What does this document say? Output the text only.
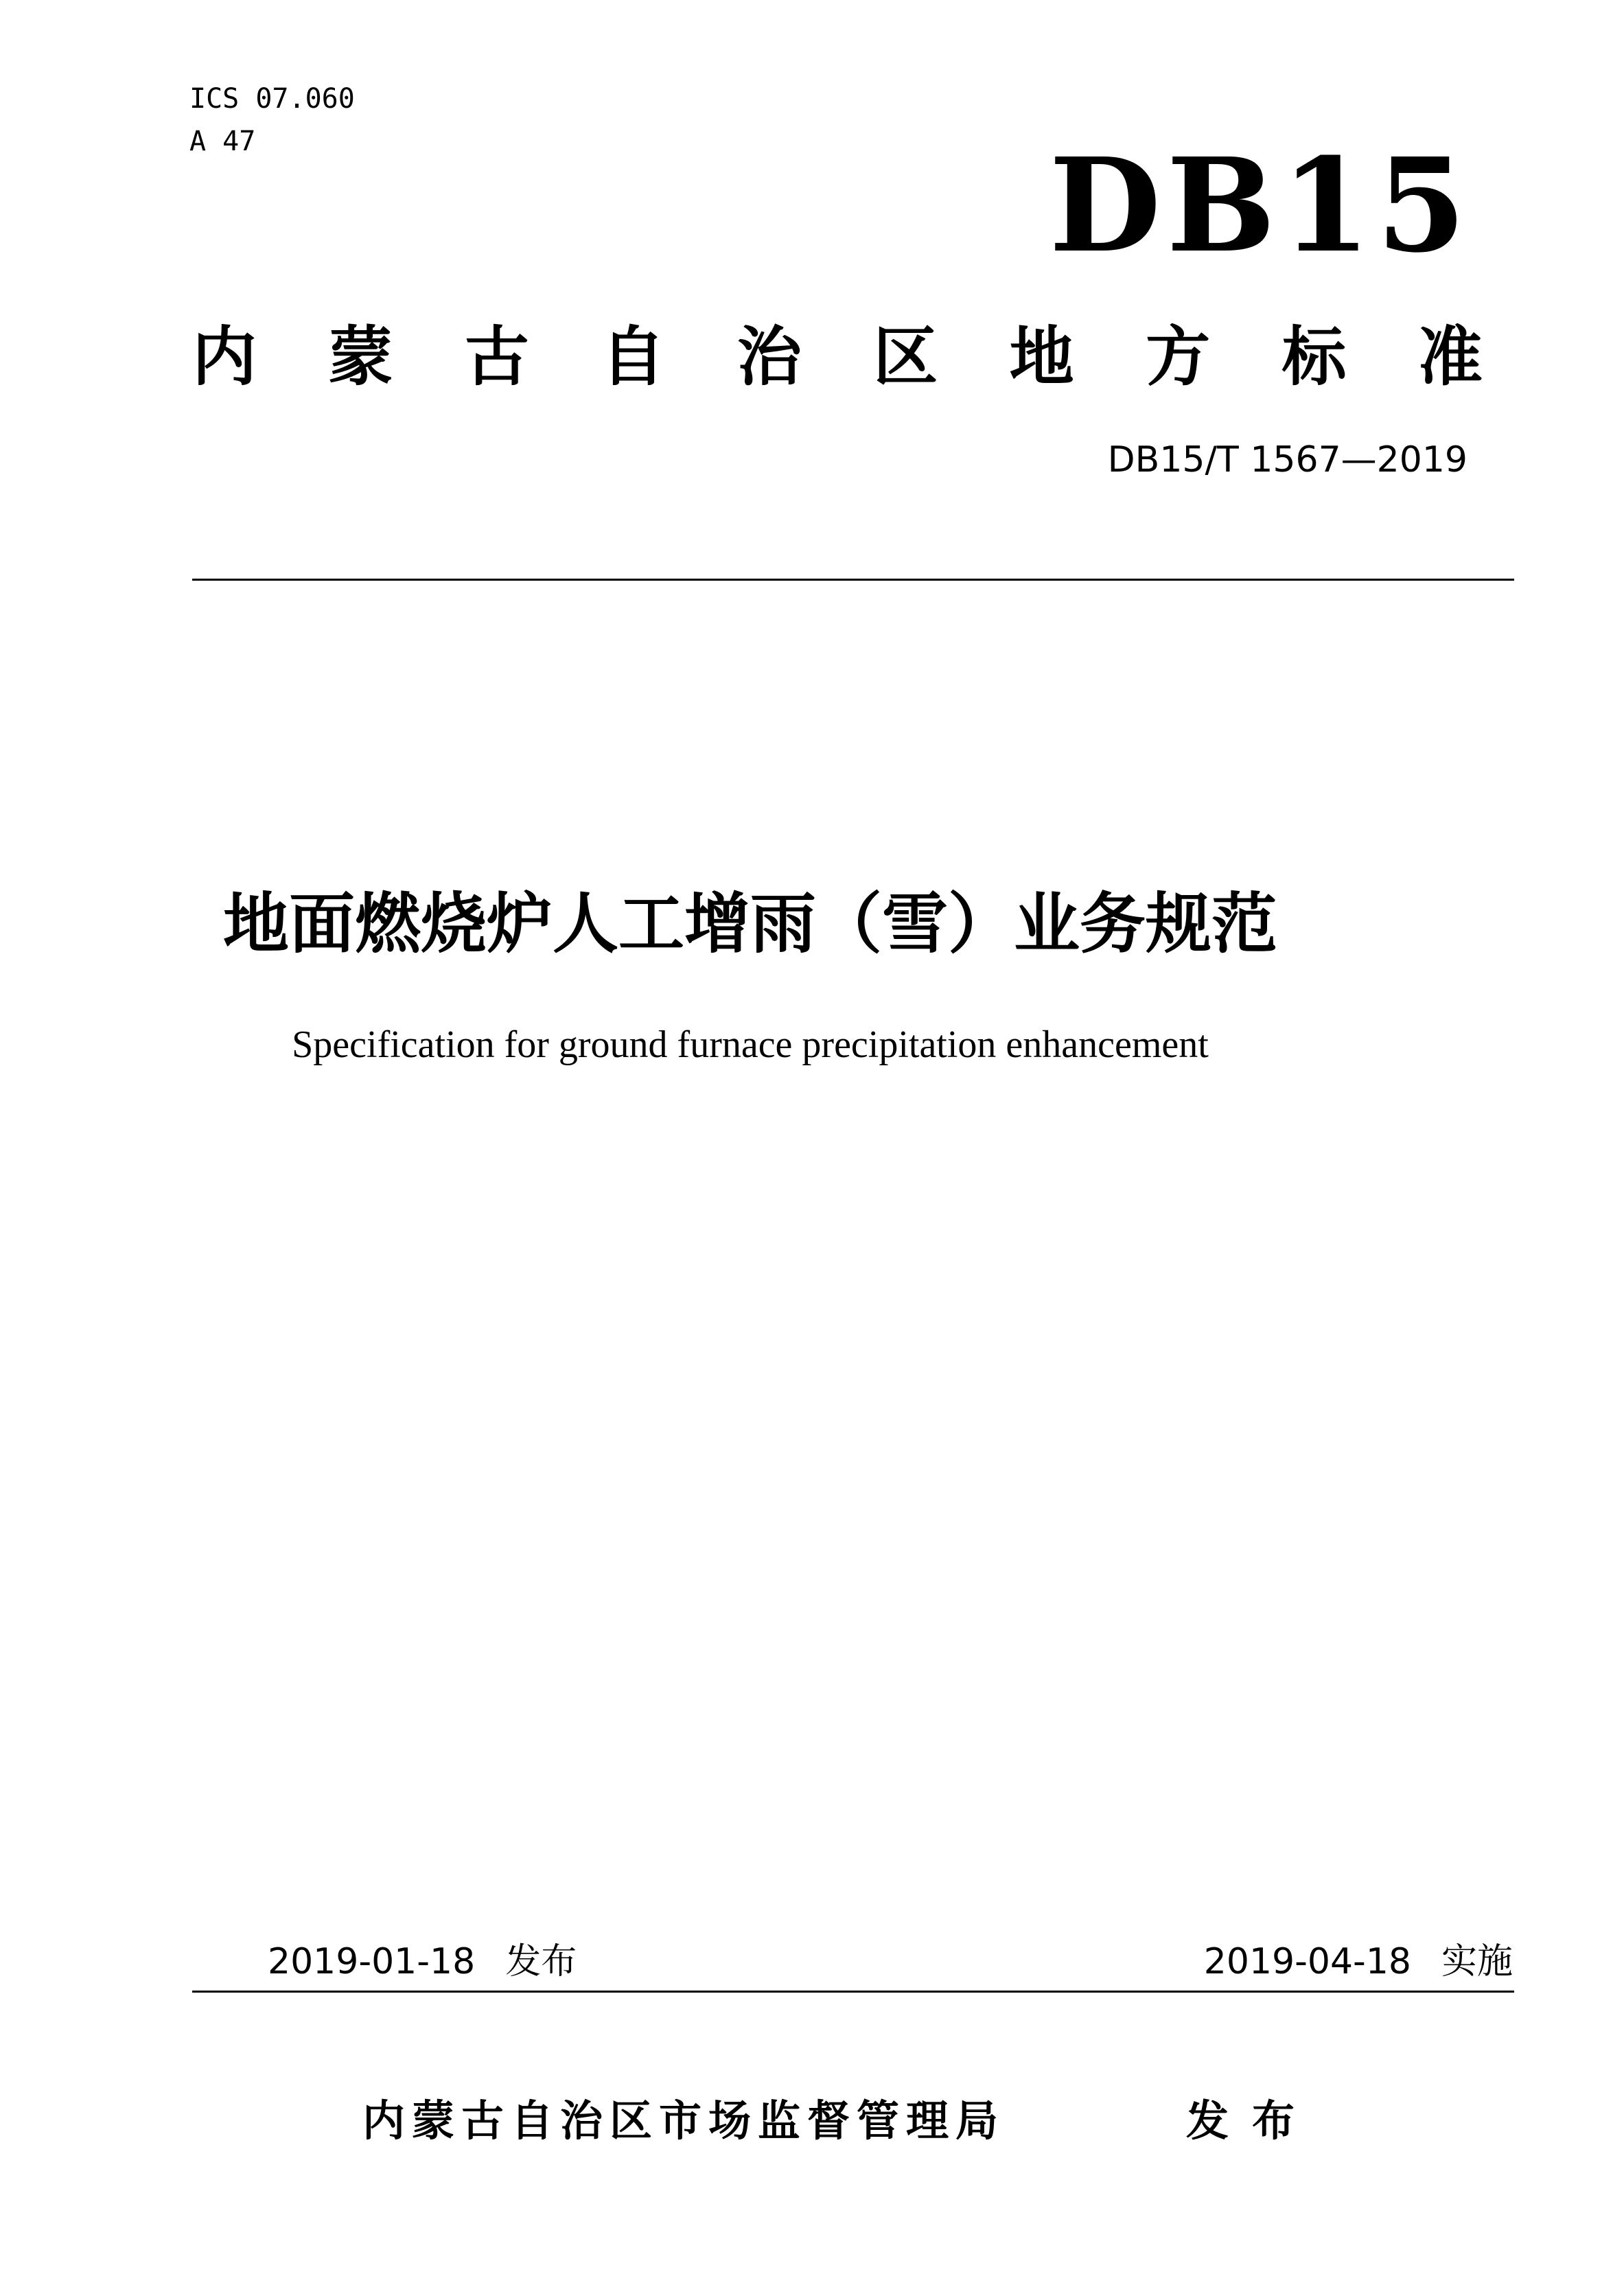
ICS 07.060
A 47	DB15
内 蒙 古 自 治 区 地 方 标 准
DB15/T 1567—2019
地面燃烧炉人工增雨（雪）业务规范
Specification for ground furnace precipitation enhancement
2019-01-18 发布	2019-04-18 实施
内蒙古自治区市场监督管理局	发布
